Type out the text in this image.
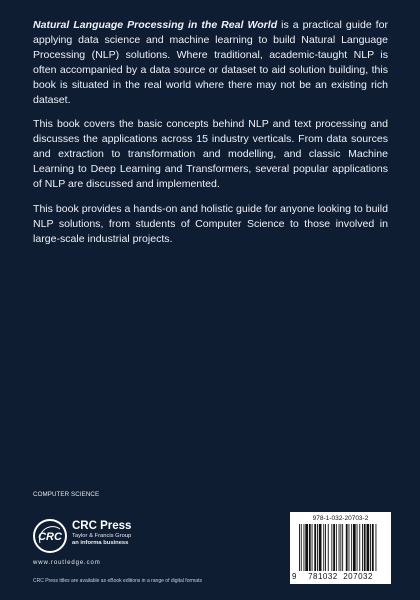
Natural Language Processing in the Real World is a practical guide for applying data science and machine learning to build Natural Language Processing (NLP) solutions. Where traditional, academic-taught NLP is often accompanied by a data source or dataset to aid solution building, this book is situated in the real world where there may not be an existing rich dataset.

This book covers the basic concepts behind NLP and text processing and discusses the applications across 15 industry verticals. From data sources and extraction to transformation and modelling, and classic Machine Learning to Deep Learning and Transformers, several popular applications of NLP are discussed and implemented.

This book provides a hands-on and holistic guide for anyone looking to build NLP solutions, from students of Computer Science to those involved in large-scale industrial projects.

COMPUTER SCIENCE
CRC
CRC Press
Taylor & Francis Group
an informa business
www.routledge.com
CRC Press titles are available as eBook editions in a range of digital formats
978-1-032-20703-2
9 781032 207032
